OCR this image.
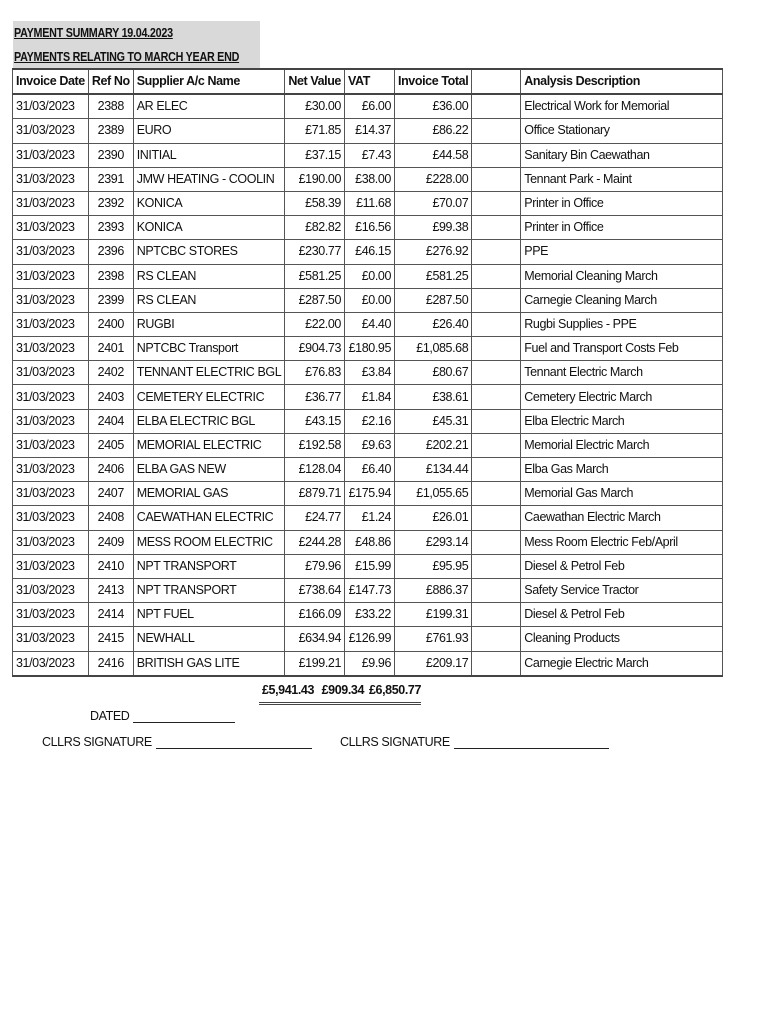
PAYMENT SUMMARY 19.04.2023
PAYMENTS RELATING TO MARCH YEAR END
Invoice Date	Ref No	Supplier A/c Name	Net Value	VAT	Invoice Total		Analysis Description
31/03/2023	2388	AR ELEC	£30.00	£6.00	£36.00		Electrical Work for Memorial
31/03/2023	2389	EURO	£71.85	£14.37	£86.22		Office Stationary
31/03/2023	2390	INITIAL	£37.15	£7.43	£44.58		Sanitary Bin Caewathan
31/03/2023	2391	JMW HEATING - COOLIN	£190.00	£38.00	£228.00		Tennant Park - Maint
31/03/2023	2392	KONICA	£58.39	£11.68	£70.07		Printer in Office
31/03/2023	2393	KONICA	£82.82	£16.56	£99.38		Printer in Office
31/03/2023	2396	NPTCBC STORES	£230.77	£46.15	£276.92		PPE
31/03/2023	2398	RS CLEAN	£581.25	£0.00	£581.25		Memorial Cleaning March
31/03/2023	2399	RS CLEAN	£287.50	£0.00	£287.50		Carnegie Cleaning March
31/03/2023	2400	RUGBI	£22.00	£4.40	£26.40		Rugbi Supplies - PPE
31/03/2023	2401	NPTCBC Transport	£904.73	£180.95	£1,085.68		Fuel and Transport Costs Feb
31/03/2023	2402	TENNANT ELECTRIC BGL	£76.83	£3.84	£80.67		Tennant Electric March
31/03/2023	2403	CEMETERY ELECTRIC	£36.77	£1.84	£38.61		Cemetery Electric March
31/03/2023	2404	ELBA ELECTRIC BGL	£43.15	£2.16	£45.31		Elba Electric March
31/03/2023	2405	MEMORIAL ELECTRIC	£192.58	£9.63	£202.21		Memorial Electric March
31/03/2023	2406	ELBA GAS NEW	£128.04	£6.40	£134.44		Elba Gas March
31/03/2023	2407	MEMORIAL GAS	£879.71	£175.94	£1,055.65		Memorial Gas March
31/03/2023	2408	CAEWATHAN ELECTRIC	£24.77	£1.24	£26.01		Caewathan Electric March
31/03/2023	2409	MESS ROOM ELECTRIC	£244.28	£48.86	£293.14		Mess Room Electric Feb/April
31/03/2023	2410	NPT TRANSPORT	£79.96	£15.99	£95.95		Diesel & Petrol Feb
31/03/2023	2413	NPT TRANSPORT	£738.64	£147.73	£886.37		Safety Service Tractor
31/03/2023	2414	NPT FUEL	£166.09	£33.22	£199.31		Diesel & Petrol Feb
31/03/2023	2415	NEWHALL	£634.94	£126.99	£761.93		Cleaning Products
31/03/2023	2416	BRITISH GAS LITE	£199.21	£9.96	£209.17		Carnegie Electric March
£5,941.43 £909.34 £6,850.77
DATED
CLLRS SIGNATURE	CLLRS SIGNATURE
